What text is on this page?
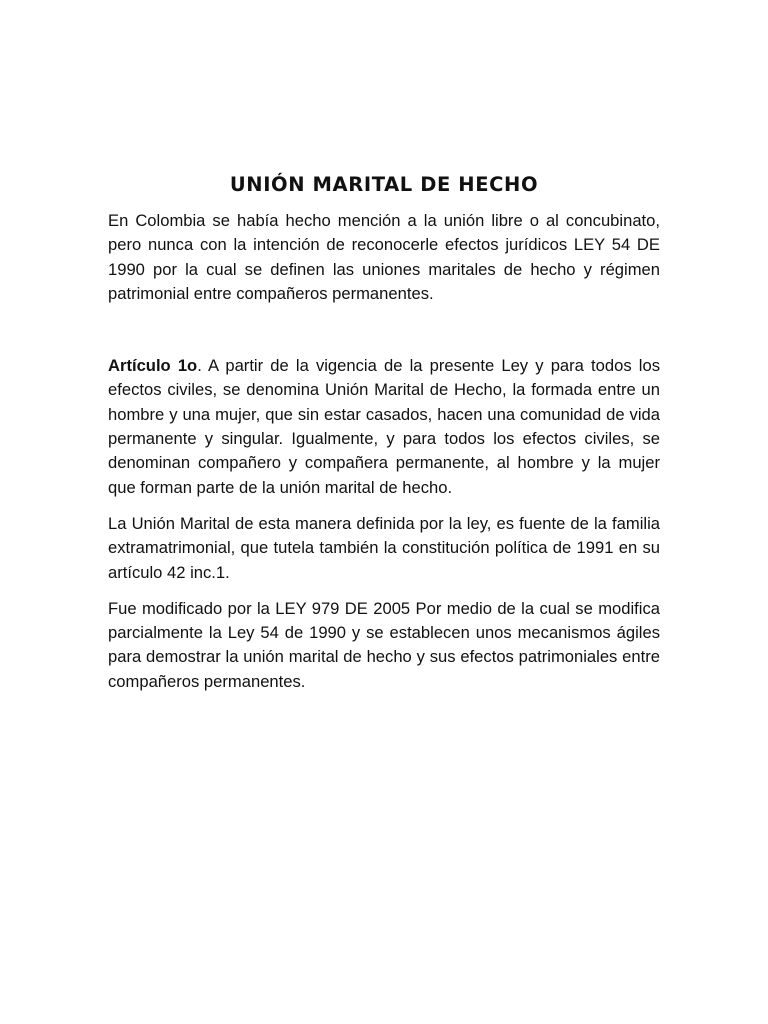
UNIÓN MARITAL DE HECHO

En Colombia se había hecho mención a la unión libre o al concubinato, pero nunca con la intención de reconocerle efectos jurídicos LEY 54 DE 1990 por la cual se definen las uniones maritales de hecho y régimen patrimonial entre compañeros permanentes.

Artículo 1o. A partir de la vigencia de la presente Ley y para todos los efectos civiles, se denomina Unión Marital de Hecho, la formada entre un hombre y una mujer, que sin estar casados, hacen una comunidad de vida permanente y singular. Igualmente, y para todos los efectos civiles, se denominan compañero y compañera permanente, al hombre y la mujer que forman parte de la unión marital de hecho.

La Unión Marital de esta manera definida por la ley, es fuente de la familia extramatrimonial, que tutela también la constitución política de 1991 en su artículo 42 inc.1.

Fue modificado por la LEY 979 DE 2005 Por medio de la cual se modifica parcialmente la Ley 54 de 1990 y se establecen unos mecanismos ágiles para demostrar la unión marital de hecho y sus efectos patrimoniales entre compañeros permanentes.
